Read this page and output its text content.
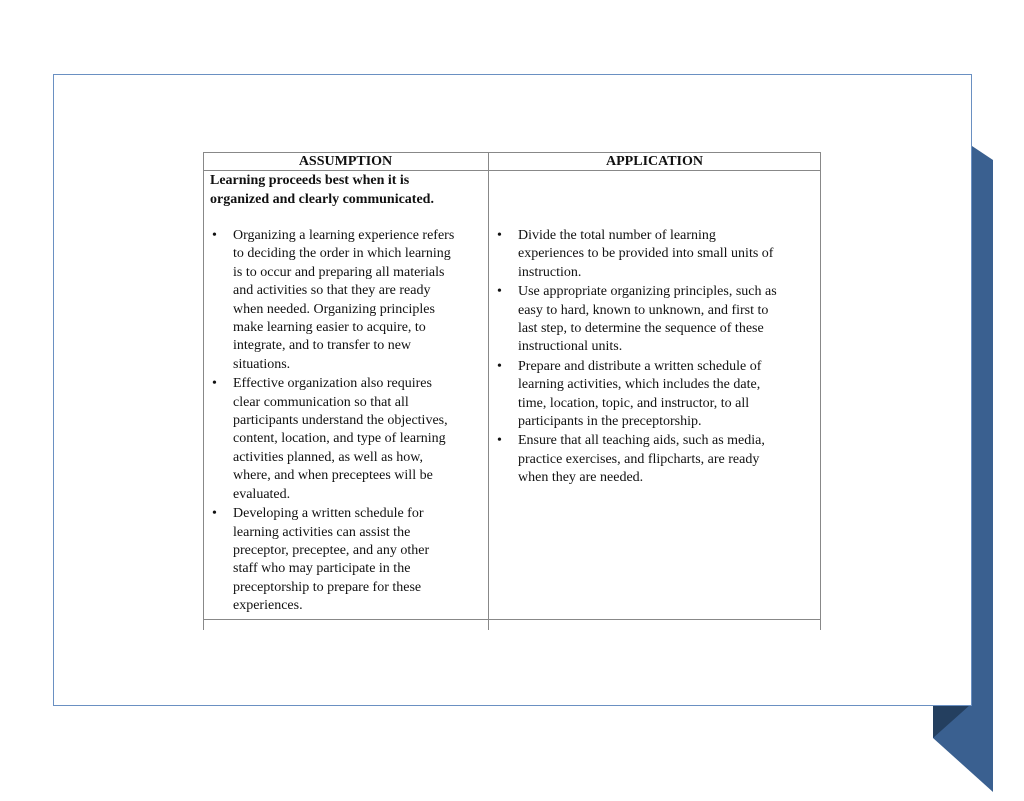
ASSUMPTION	APPLICATION
Learning proceeds best when it is
organized and clearly communicated.
• Organizing a learning experience refers
to deciding the order in which learning
is to occur and preparing all materials
and activities so that they are ready
when needed. Organizing principles
make learning easier to acquire, to
integrate, and to transfer to new
situations.
• Effective organization also requires
clear communication so that all
participants understand the objectives,
content, location, and type of learning
activities planned, as well as how,
where, and when preceptees will be
evaluated.
• Developing a written schedule for
learning activities can assist the
preceptor, preceptee, and any other
staff who may participate in the
preceptorship to prepare for these
experiences.
• Divide the total number of learning
experiences to be provided into small units of
instruction.
• Use appropriate organizing principles, such as
easy to hard, known to unknown, and first to
last step, to determine the sequence of these
instructional units.
• Prepare and distribute a written schedule of
learning activities, which includes the date,
time, location, topic, and instructor, to all
participants in the preceptorship.
• Ensure that all teaching aids, such as media,
practice exercises, and flipcharts, are ready
when they are needed.
